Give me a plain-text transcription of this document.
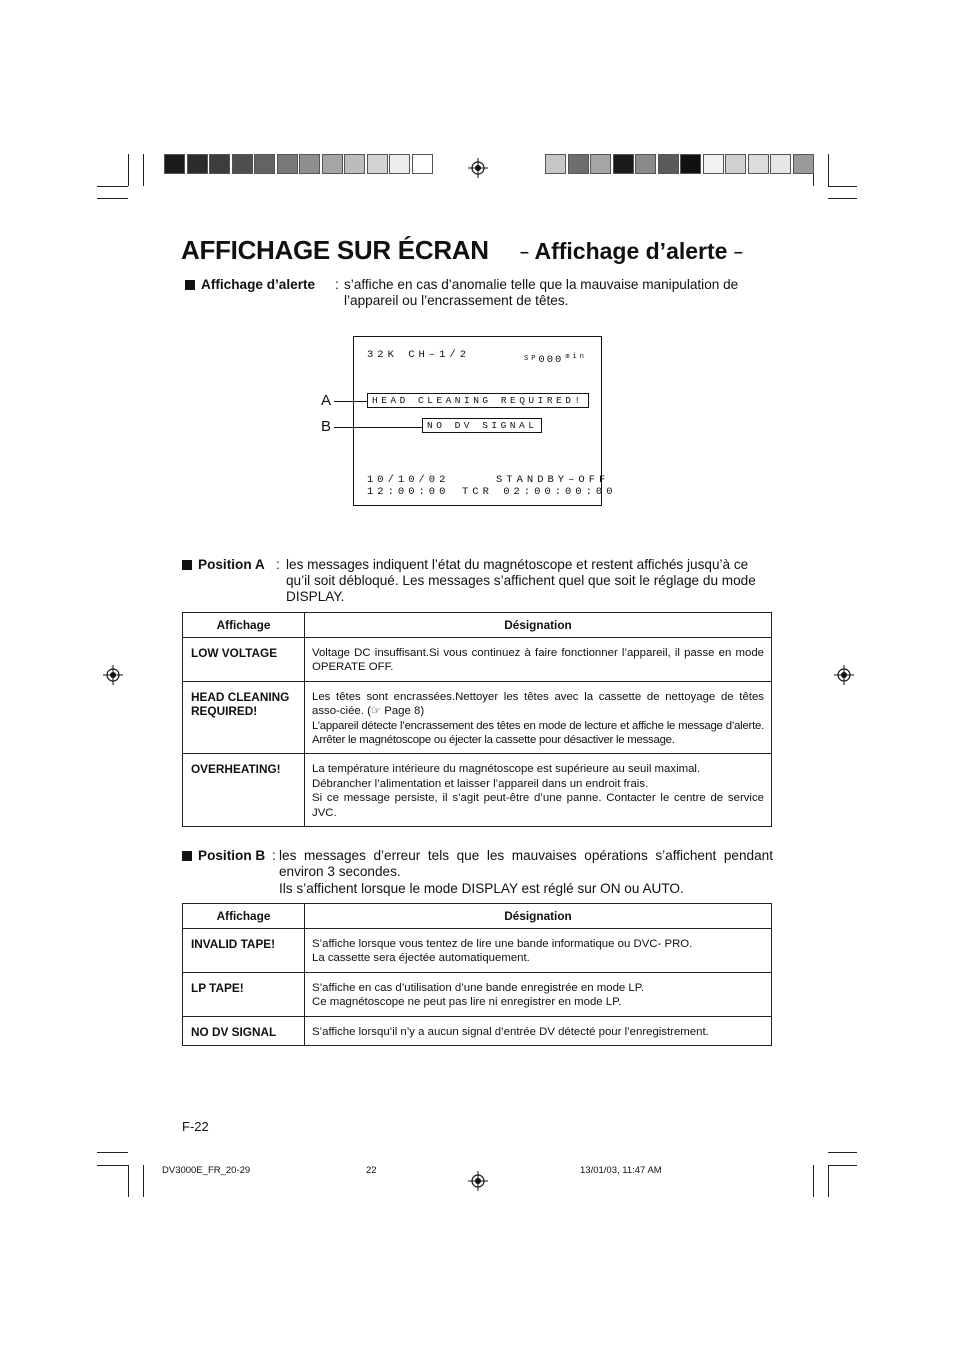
AFFICHAGE SUR ÉCRAN – Affichage d’alerte –
Affichage d’alerte : s’affiche en cas d’anomalie telle que la mauvaise manipulation de
l’appareil ou l’encrassement de têtes.
32K CH–1/2	SP000 $^{min}$
HEAD CLEANING REQUIRED!
NO DV SIGNAL
10/10/02	STANDBY–OFF
12:00:00 TCR 02:00:00:00
A
B
Position A : les messages indiquent l’état du magnétoscope et restent affichés jusqu’à ce
qu’il soit débloqué. Les messages s’affichent quel que soit le réglage du mode
DISPLAY.
Affichage	Désignation
LOW VOLTAGE	Voltage DC insuffisant.Si vous continuez à faire fonctionner l’appareil, il passe en mode OPERATE OFF.

HEAD CLEANING REQUIRED!	Les têtes sont encrassées.Nettoyer les têtes avec la cassette de nettoyage de têtes asso-ciée. (☞ Page 8)
L’appareil détecte l’encrassement des têtes en mode de lecture et affiche le message d’alerte. Arrêter le magnétoscope ou éjecter la cassette pour désactiver le message.

OVERHEATING!	La température intérieure du magnétoscope est supérieure au seuil maximal.
Débrancher l’alimentation et laisser l’appareil dans un endroit frais.
Si ce message persiste, il s’agit peut-être d’une panne. Contacter le centre de service JVC.
Position B : les messages d’erreur tels que les mauvaises opérations s’affichent pendant
environ 3 secondes.
Ils s’affichent lorsque le mode DISPLAY est réglé sur ON ou AUTO.
Affichage	Désignation
INVALID TAPE!	S’affiche lorsque vous tentez de lire une bande informatique ou DVC- PRO.
La cassette sera éjectée automatiquement.

LP TAPE!	S’affiche en cas d’utilisation d’une bande enregistrée en mode LP.
Ce magnétoscope ne peut pas lire ni enregistrer en mode LP.

NO DV SIGNAL	S’affiche lorsqu’il n’y a aucun signal d’entrée DV détecté pour l’enregistrement.
F-22
DV3000E_FR_20-29	22	13/01/03, 11:47 AM
